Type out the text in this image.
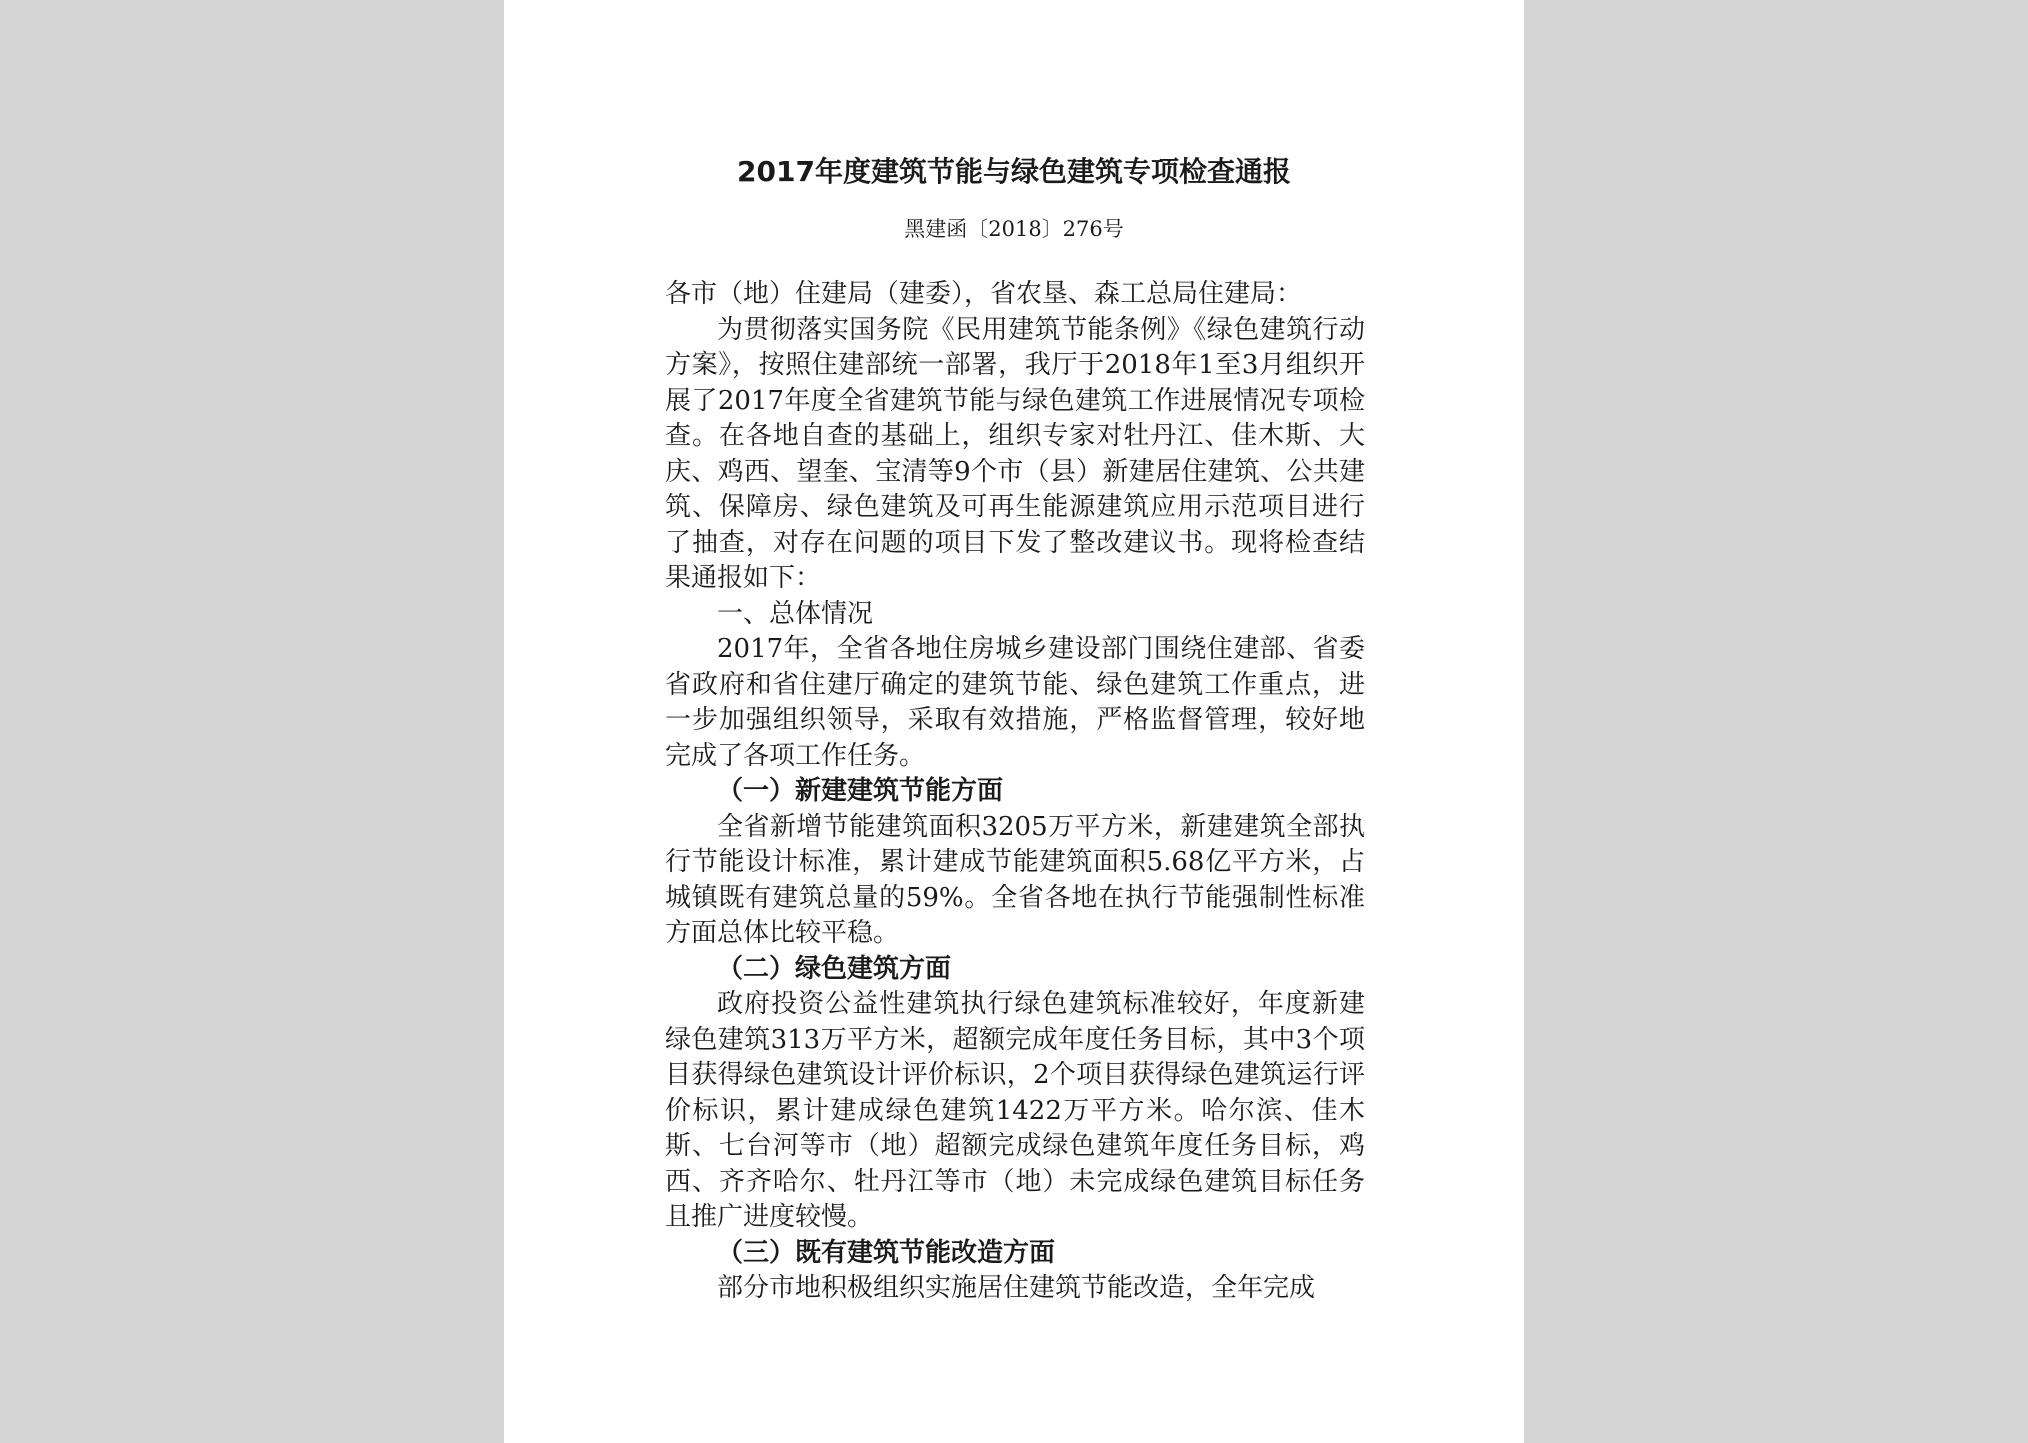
2017年度建筑节能与绿色建筑专项检查通报
黑建函〔2018〕276号

各市（地）住建局（建委），省农垦、森工总局住建局：

为贯彻落实国务院《民用建筑节能条例》《绿色建筑行动方案》，按照住建部统一部署，我厅于2018年1至3月组织开展了2017年度全省建筑节能与绿色建筑工作进展情况专项检查。在各地自查的基础上，组织专家对牡丹江、佳木斯、大庆、鸡西、望奎、宝清等9个市（县）新建居住建筑、公共建筑、保障房、绿色建筑及可再生能源建筑应用示范项目进行了抽查，对存在问题的项目下发了整改建议书。现将检查结果通报如下：

一、总体情况

2017年，全省各地住房城乡建设部门围绕住建部、省委省政府和省住建厅确定的建筑节能、绿色建筑工作重点，进一步加强组织领导，采取有效措施，严格监督管理，较好地完成了各项工作任务。

（一）新建建筑节能方面

全省新增节能建筑面积3205万平方米，新建建筑全部执行节能设计标准，累计建成节能建筑面积5.68亿平方米，占城镇既有建筑总量的59%。全省各地在执行节能强制性标准方面总体比较平稳。

（二）绿色建筑方面

政府投资公益性建筑执行绿色建筑标准较好，年度新建绿色建筑313万平方米，超额完成年度任务目标，其中3个项目获得绿色建筑设计评价标识，2个项目获得绿色建筑运行评价标识，累计建成绿色建筑1422万平方米。哈尔滨、佳木斯、七台河等市（地）超额完成绿色建筑年度任务目标，鸡西、齐齐哈尔、牡丹江等市（地）未完成绿色建筑目标任务且推广进度较慢。

（三）既有建筑节能改造方面

部分市地积极组织实施居住建筑节能改造，全年完成
